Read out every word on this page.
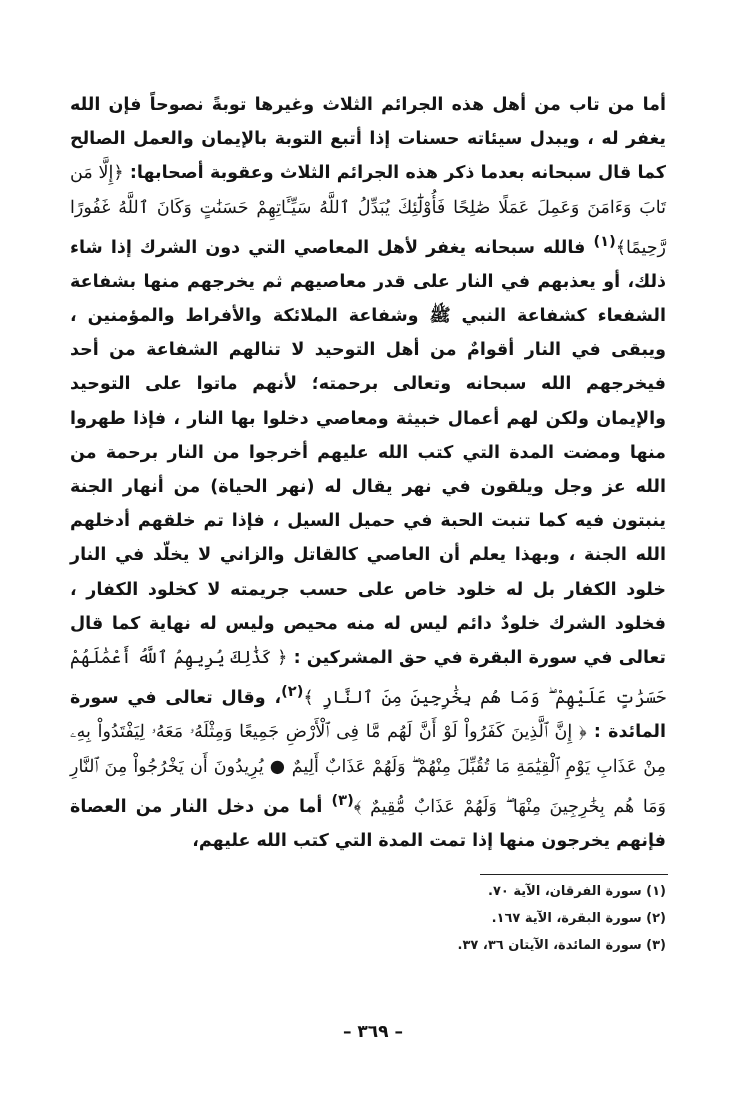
أما من تاب من أهل هذه الجرائم الثلاث وغيرها توبةً نصوحاً فإن الله يغفر له ، ويبدل سيئاته حسنات إذا أتبع التوبة بالإيمان والعمل الصالح كما قال سبحانه بعدما ذكر هذه الجرائم الثلاث وعقوبة أصحابها: ﴿إِلَّا مَن تَابَ وَءَامَنَ وَعَمِلَ عَمَلًا صَٰلِحًا فَأُوْلَٰٓئِكَ يُبَدِّلُ ٱللَّهُ سَيِّـَٔاتِهِمْ حَسَنَٰتٍ وَكَانَ ٱللَّهُ غَفُورًا رَّحِيمًا﴾$^{(١)}$ فالله سبحانه يغفر لأهل المعاصي التي دون الشرك إذا شاء ذلك، أو يعذبهم في النار على قدر معاصيهم ثم يخرجهم منها بشفاعة الشفعاء كشفاعة النبي ﷺ وشفاعة الملائكة والأفراط والمؤمنين ، ويبقى في النار أقوامٌ من أهل التوحيد لا تنالهم الشفاعة من أحد فيخرجهم الله سبحانه وتعالى برحمته؛ لأنهم ماتوا على التوحيد والإيمان ولكن لهم أعمال خبيثة ومعاصي دخلوا بها النار ، فإذا طهروا منها ومضت المدة التي كتب الله عليهم أخرجوا من النار برحمة من الله عز وجل ويلقون في نهر يقال له (نهر الحياة) من أنهار الجنة ينبتون فيه كما تنبت الحبة في حميل السيل ، فإذا تم خلقهم أدخلهم الله الجنة ، وبهذا يعلم أن العاصي كالقاتل والزاني لا يخلّد في النار خلود الكفار بل له خلود خاص على حسب جريمته لا كخلود الكفار ، فخلود الشرك خلودٌ دائم ليس له منه محيص وليس له نهاية كما قال تعالى في سورة البقرة في حق المشركين : ﴿ كَذَٰلِكَ يُرِيهِمُ ٱللَّهُ أَعْمَٰلَهُمْ حَسَرَٰتٍ عَلَيْهِمْ ۖ وَمَا هُم بِخَٰرِجِينَ مِنَ ٱلنَّارِ ﴾$^{(٢)}$، وقال تعالى في سورة المائدة : ﴿ إِنَّ ٱلَّذِينَ كَفَرُواْ لَوْ أَنَّ لَهُم مَّا فِى ٱلْأَرْضِ جَمِيعًا وَمِثْلَهُۥ مَعَهُۥ لِيَفْتَدُواْ بِهِۦ مِنْ عَذَابِ يَوْمِ ٱلْقِيَٰمَةِ مَا تُقُبِّلَ مِنْهُمْ ۖ وَلَهُمْ عَذَابٌ أَلِيمٌ ● يُرِيدُونَ أَن يَخْرُجُواْ مِنَ ٱلنَّارِ وَمَا هُم بِخَٰرِجِينَ مِنْهَا ۖ وَلَهُمْ عَذَابٌ مُّقِيمٌ ﴾$^{(٣)}$ أما من دخل النار من العصاة فإنهم يخرجون منها إذا تمت المدة التي كتب الله عليهم،

(١) سورة الفرقان، الآية ٧٠.
(٢) سورة البقرة، الآية ١٦٧.
(٣) سورة المائدة، الآيتان ٣٦، ٣٧.
– ٣٦٩ –
